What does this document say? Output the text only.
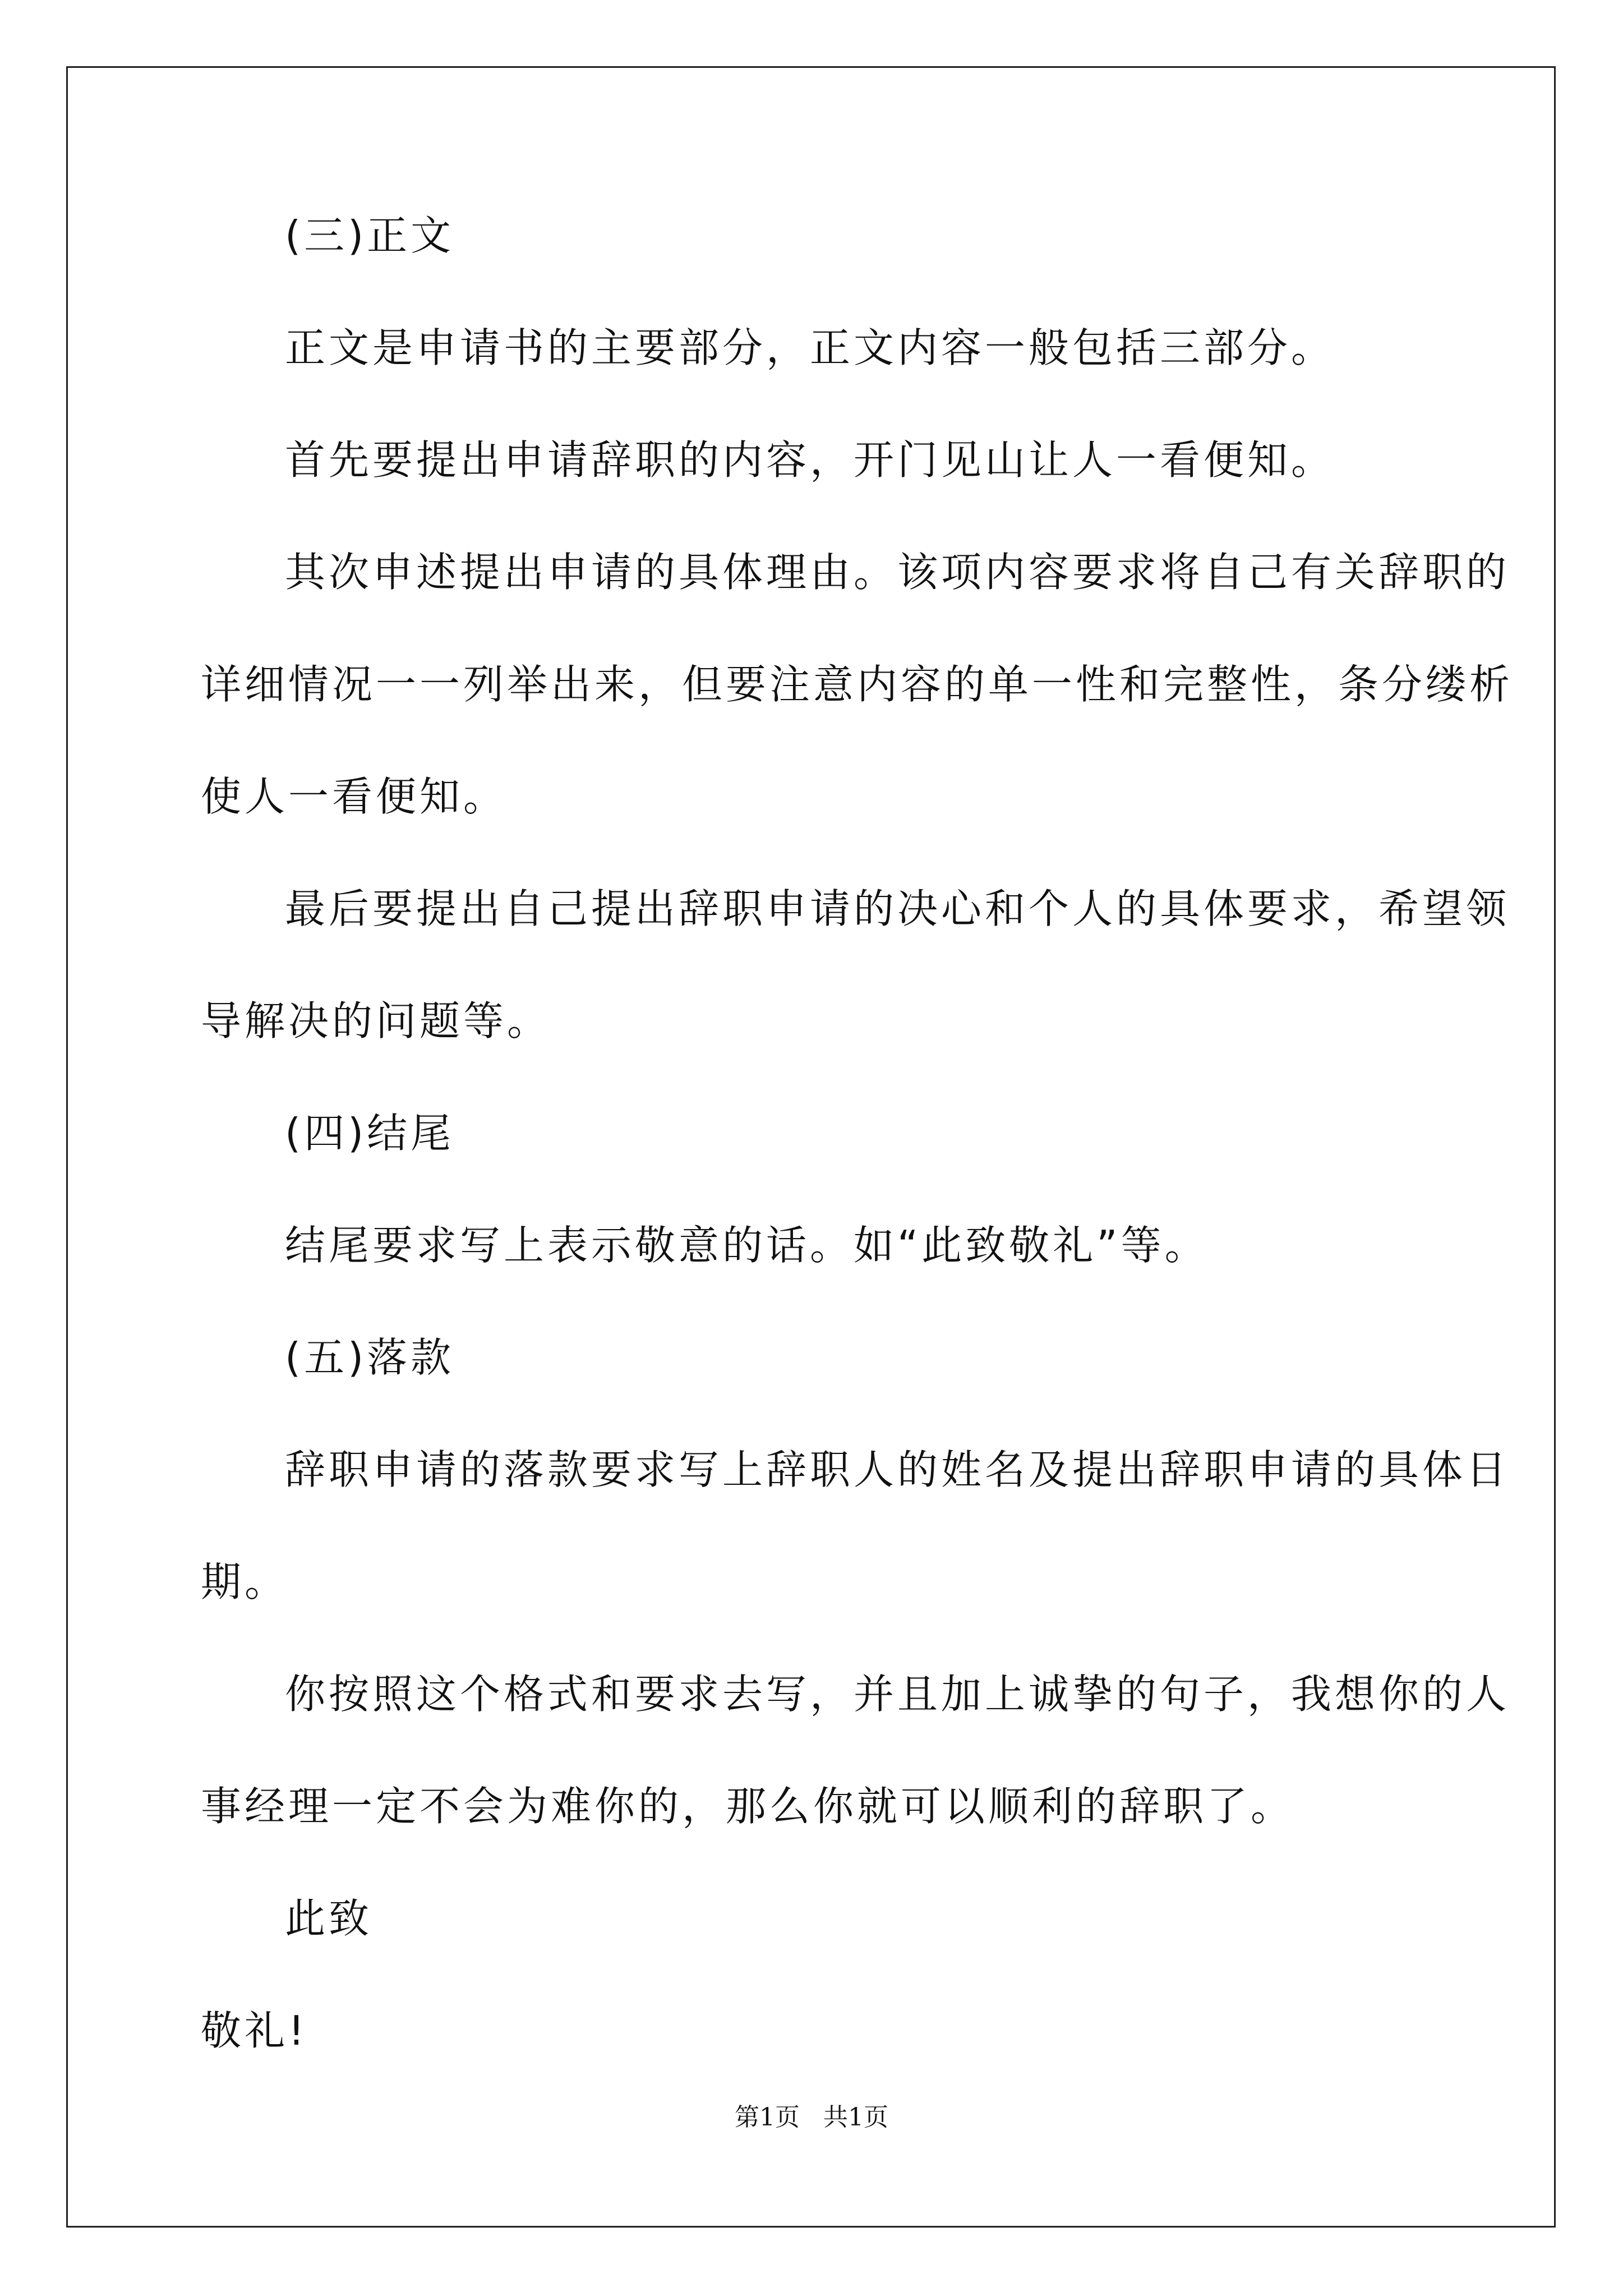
(三)正文
正文是申请书的主要部分，正文内容一般包括三部分。
首先要提出申请辞职的内容，开门见山让人一看便知。
其次申述提出申请的具体理由。该项内容要求将自己有关辞职的
详细情况一一列举出来，但要注意内容的单一性和完整性，条分缕析
使人一看便知。
最后要提出自己提出辞职申请的决心和个人的具体要求，希望领
导解决的问题等。
(四)结尾
结尾要求写上表示敬意的话。如“此致敬礼”等。
(五)落款
辞职申请的落款要求写上辞职人的姓名及提出辞职申请的具体日
期。
你按照这个格式和要求去写，并且加上诚挚的句子，我想你的人
事经理一定不会为难你的，那么你就可以顺利的辞职了。
此致
敬礼!
第1页 共1页
